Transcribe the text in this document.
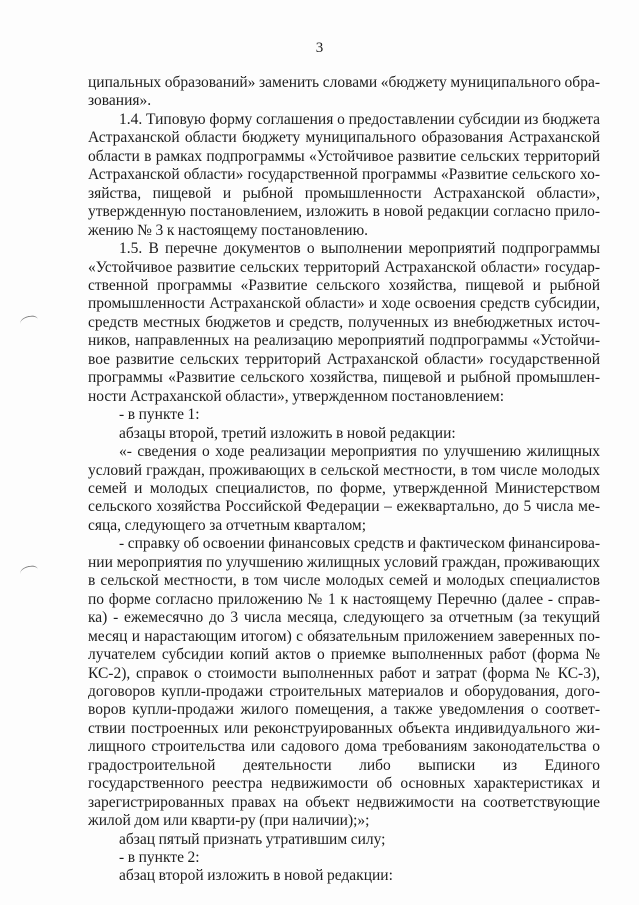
3

ципальных образований» заменить словами «бюджету муниципального обра-зования».

1.4. Типовую форму соглашения о предоставлении субсидии из бюджета Астраханской области бюджету муниципального образования Астраханской области в рамках подпрограммы «Устойчивое развитие сельских территорий Астраханской области» государственной программы «Развитие сельского хо-зяйства, пищевой и рыбной промышленности Астраханской области», утвержденную постановлением, изложить в новой редакции согласно прило-жению № 3 к настоящему постановлению.

1.5. В перечне документов о выполнении мероприятий подпрограммы «Устойчивое развитие сельских территорий Астраханской области» государ-ственной программы «Развитие сельского хозяйства, пищевой и рыбной промышленности Астраханской области» и ходе освоения средств субсидии, средств местных бюджетов и средств, полученных из внебюджетных источ-ников, направленных на реализацию мероприятий подпрограммы «Устойчи-вое развитие сельских территорий Астраханской области» государственной программы «Развитие сельского хозяйства, пищевой и рыбной промышлен-ности Астраханской области», утвержденном постановлением:

- в пункте 1:

абзацы второй, третий изложить в новой редакции:

«- сведения о ходе реализации мероприятия по улучшению жилищных условий граждан, проживающих в сельской местности, в том числе молодых семей и молодых специалистов, по форме, утвержденной Министерством сельского хозяйства Российской Федерации – ежеквартально, до 5 числа ме-сяца, следующего за отчетным кварталом;

- справку об освоении финансовых средств и фактическом финансирова-нии мероприятия по улучшению жилищных условий граждан, проживающих в сельской местности, в том числе молодых семей и молодых специалистов по форме согласно приложению № 1 к настоящему Перечню (далее - справ-ка) - ежемесячно до 3 числа месяца, следующего за отчетным (за текущий месяц и нарастающим итогом) с обязательным приложением заверенных по-лучателем субсидии копий актов о приемке выполненных работ (форма № КС-2), справок о стоимости выполненных работ и затрат (форма № КС-3), договоров купли-продажи строительных материалов и оборудования, дого-воров купли-продажи жилого помещения, а также уведомления о соответ-ствии построенных или реконструированных объекта индивидуального жи-лищного строительства или садового дома требованиям законодательства о градостроительной деятельности либо выписки из Единого государственного реестра недвижимости об основных характеристиках и зарегистрированных правах на объект недвижимости на соответствующие жилой дом или кварти-ру (при наличии);»;

абзац пятый признать утратившим силу;

- в пункте 2:

абзац второй изложить в новой редакции:
